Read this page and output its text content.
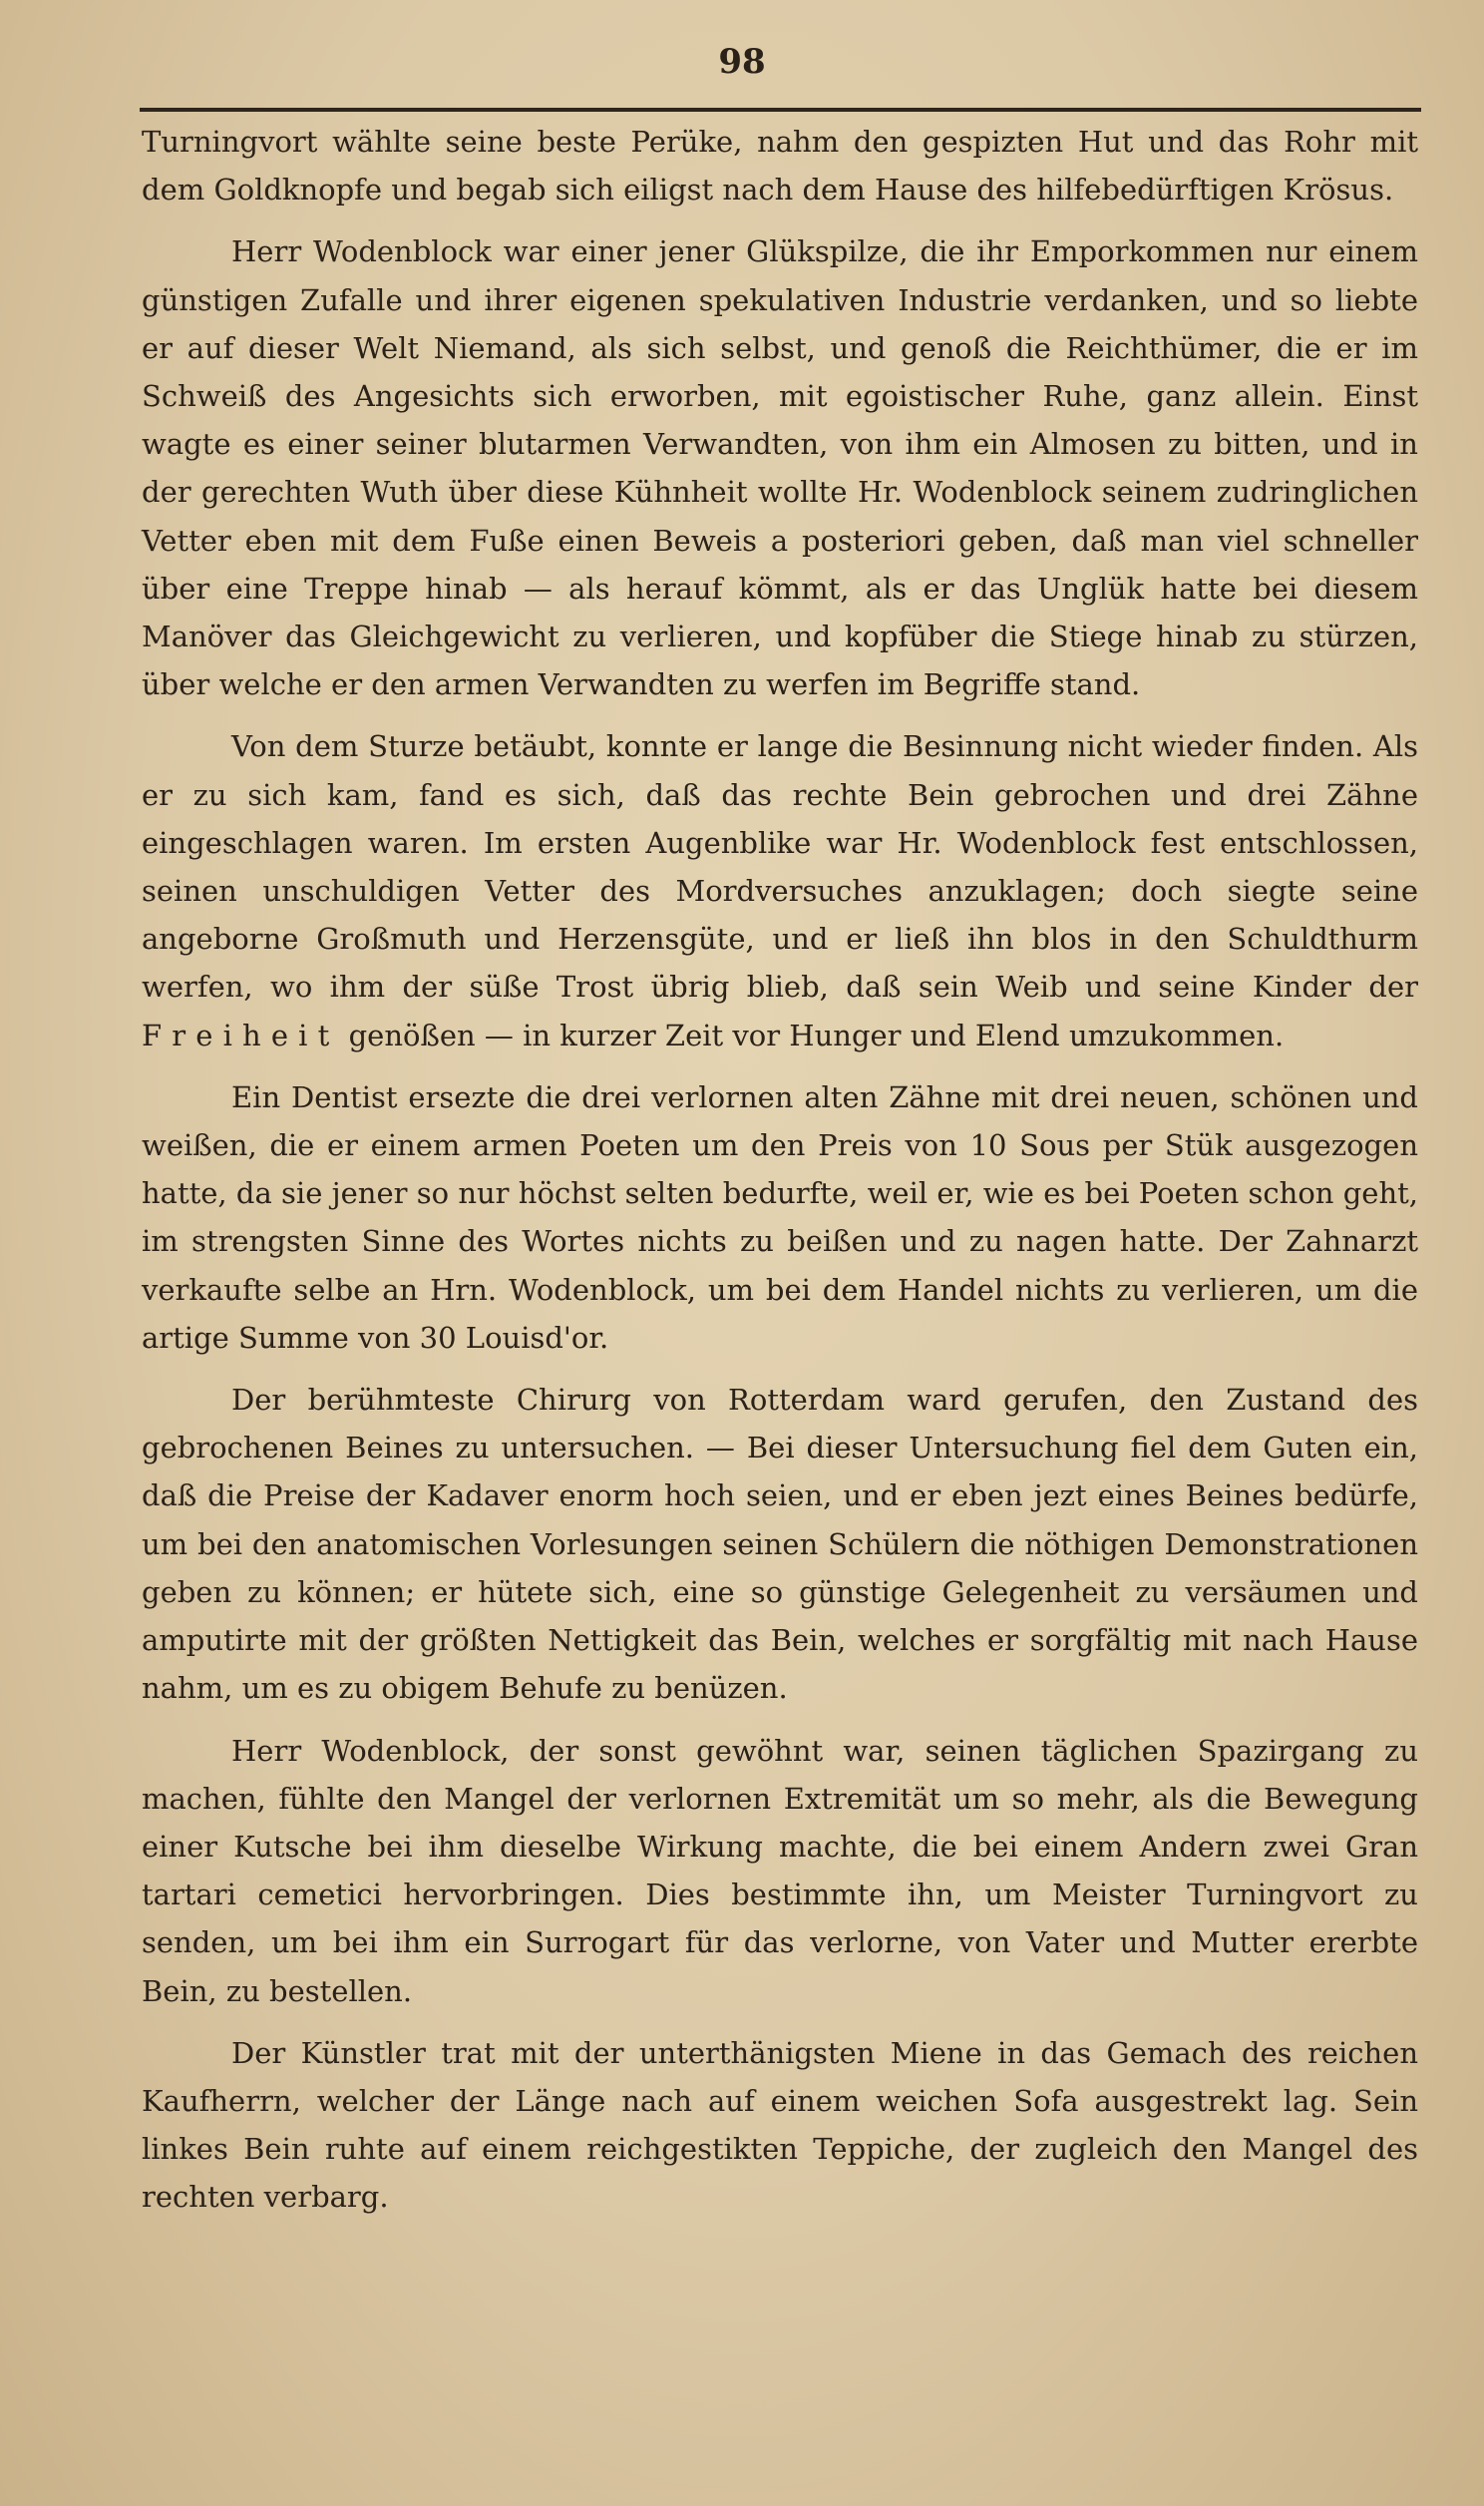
98

Turningvort wählte seine beste Perüke, nahm den gespizten Hut und das Rohr mit dem Goldknopfe und begab sich eiligst nach dem Hause des hilfebedürftigen Krösus.

Herr Wodenblock war einer jener Glükspilze, die ihr Emporkommen nur einem günstigen Zufalle und ihrer eigenen spekulativen Industrie verdanken, und so liebte er auf dieser Welt Niemand, als sich selbst, und genoß die Reichthümer, die er im Schweiß des Angesichts sich erworben, mit egoistischer Ruhe, ganz allein. Einst wagte es einer seiner blutarmen Verwandten, von ihm ein Almosen zu bitten, und in der gerechten Wuth über diese Kühnheit wollte Hr. Wodenblock seinem zudringlichen Vetter eben mit dem Fuße einen Beweis a posteriori geben, daß man viel schneller über eine Treppe hinab — als herauf kömmt, als er das Unglük hatte bei diesem Manöver das Gleichgewicht zu verlieren, und kopfüber die Stiege hinab zu stürzen, über welche er den armen Verwandten zu werfen im Begriffe stand.

Von dem Sturze betäubt, konnte er lange die Besinnung nicht wieder finden. Als er zu sich kam, fand es sich, daß das rechte Bein gebrochen und drei Zähne eingeschlagen waren. Im ersten Augenblike war Hr. Wodenblock fest entschlossen, seinen unschuldigen Vetter des Mordversuches anzuklagen; doch siegte seine angeborne Großmuth und Herzensgüte, und er ließ ihn blos in den Schuldthurm werfen, wo ihm der süße Trost übrig blieb, daß sein Weib und seine Kinder der Freiheit genößen — in kurzer Zeit vor Hunger und Elend umzukommen.

Ein Dentist ersezte die drei verlornen alten Zähne mit drei neuen, schönen und weißen, die er einem armen Poeten um den Preis von 10 Sous per Stük ausgezogen hatte, da sie jener so nur höchst selten bedurfte, weil er, wie es bei Poeten schon geht, im strengsten Sinne des Wortes nichts zu beißen und zu nagen hatte. Der Zahnarzt verkaufte selbe an Hrn. Wodenblock, um bei dem Handel nichts zu verlieren, um die artige Summe von 30 Louisd'or.

Der berühmteste Chirurg von Rotterdam ward gerufen, den Zustand des gebrochenen Beines zu untersuchen. — Bei dieser Untersuchung fiel dem Guten ein, daß die Preise der Kadaver enorm hoch seien, und er eben jezt eines Beines bedürfe, um bei den anatomischen Vorlesungen seinen Schülern die nöthigen Demonstrationen geben zu können; er hütete sich, eine so günstige Gelegenheit zu versäumen und amputirte mit der größten Nettigkeit das Bein, welches er sorgfältig mit nach Hause nahm, um es zu obigem Behufe zu benüzen.

Herr Wodenblock, der sonst gewöhnt war, seinen täglichen Spazirgang zu machen, fühlte den Mangel der verlornen Extremität um so mehr, als die Bewegung einer Kutsche bei ihm dieselbe Wirkung machte, die bei einem Andern zwei Gran tartari cemetici hervorbringen. Dies bestimmte ihn, um Meister Turningvort zu senden, um bei ihm ein Surrogart für das verlorne, von Vater und Mutter ererbte Bein, zu bestellen.

Der Künstler trat mit der unterthänigsten Miene in das Gemach des reichen Kaufherrn, welcher der Länge nach auf einem weichen Sofa ausgestrekt lag. Sein linkes Bein ruhte auf einem reichgestikten Teppiche, der zugleich den Mangel des rechten verbarg.
